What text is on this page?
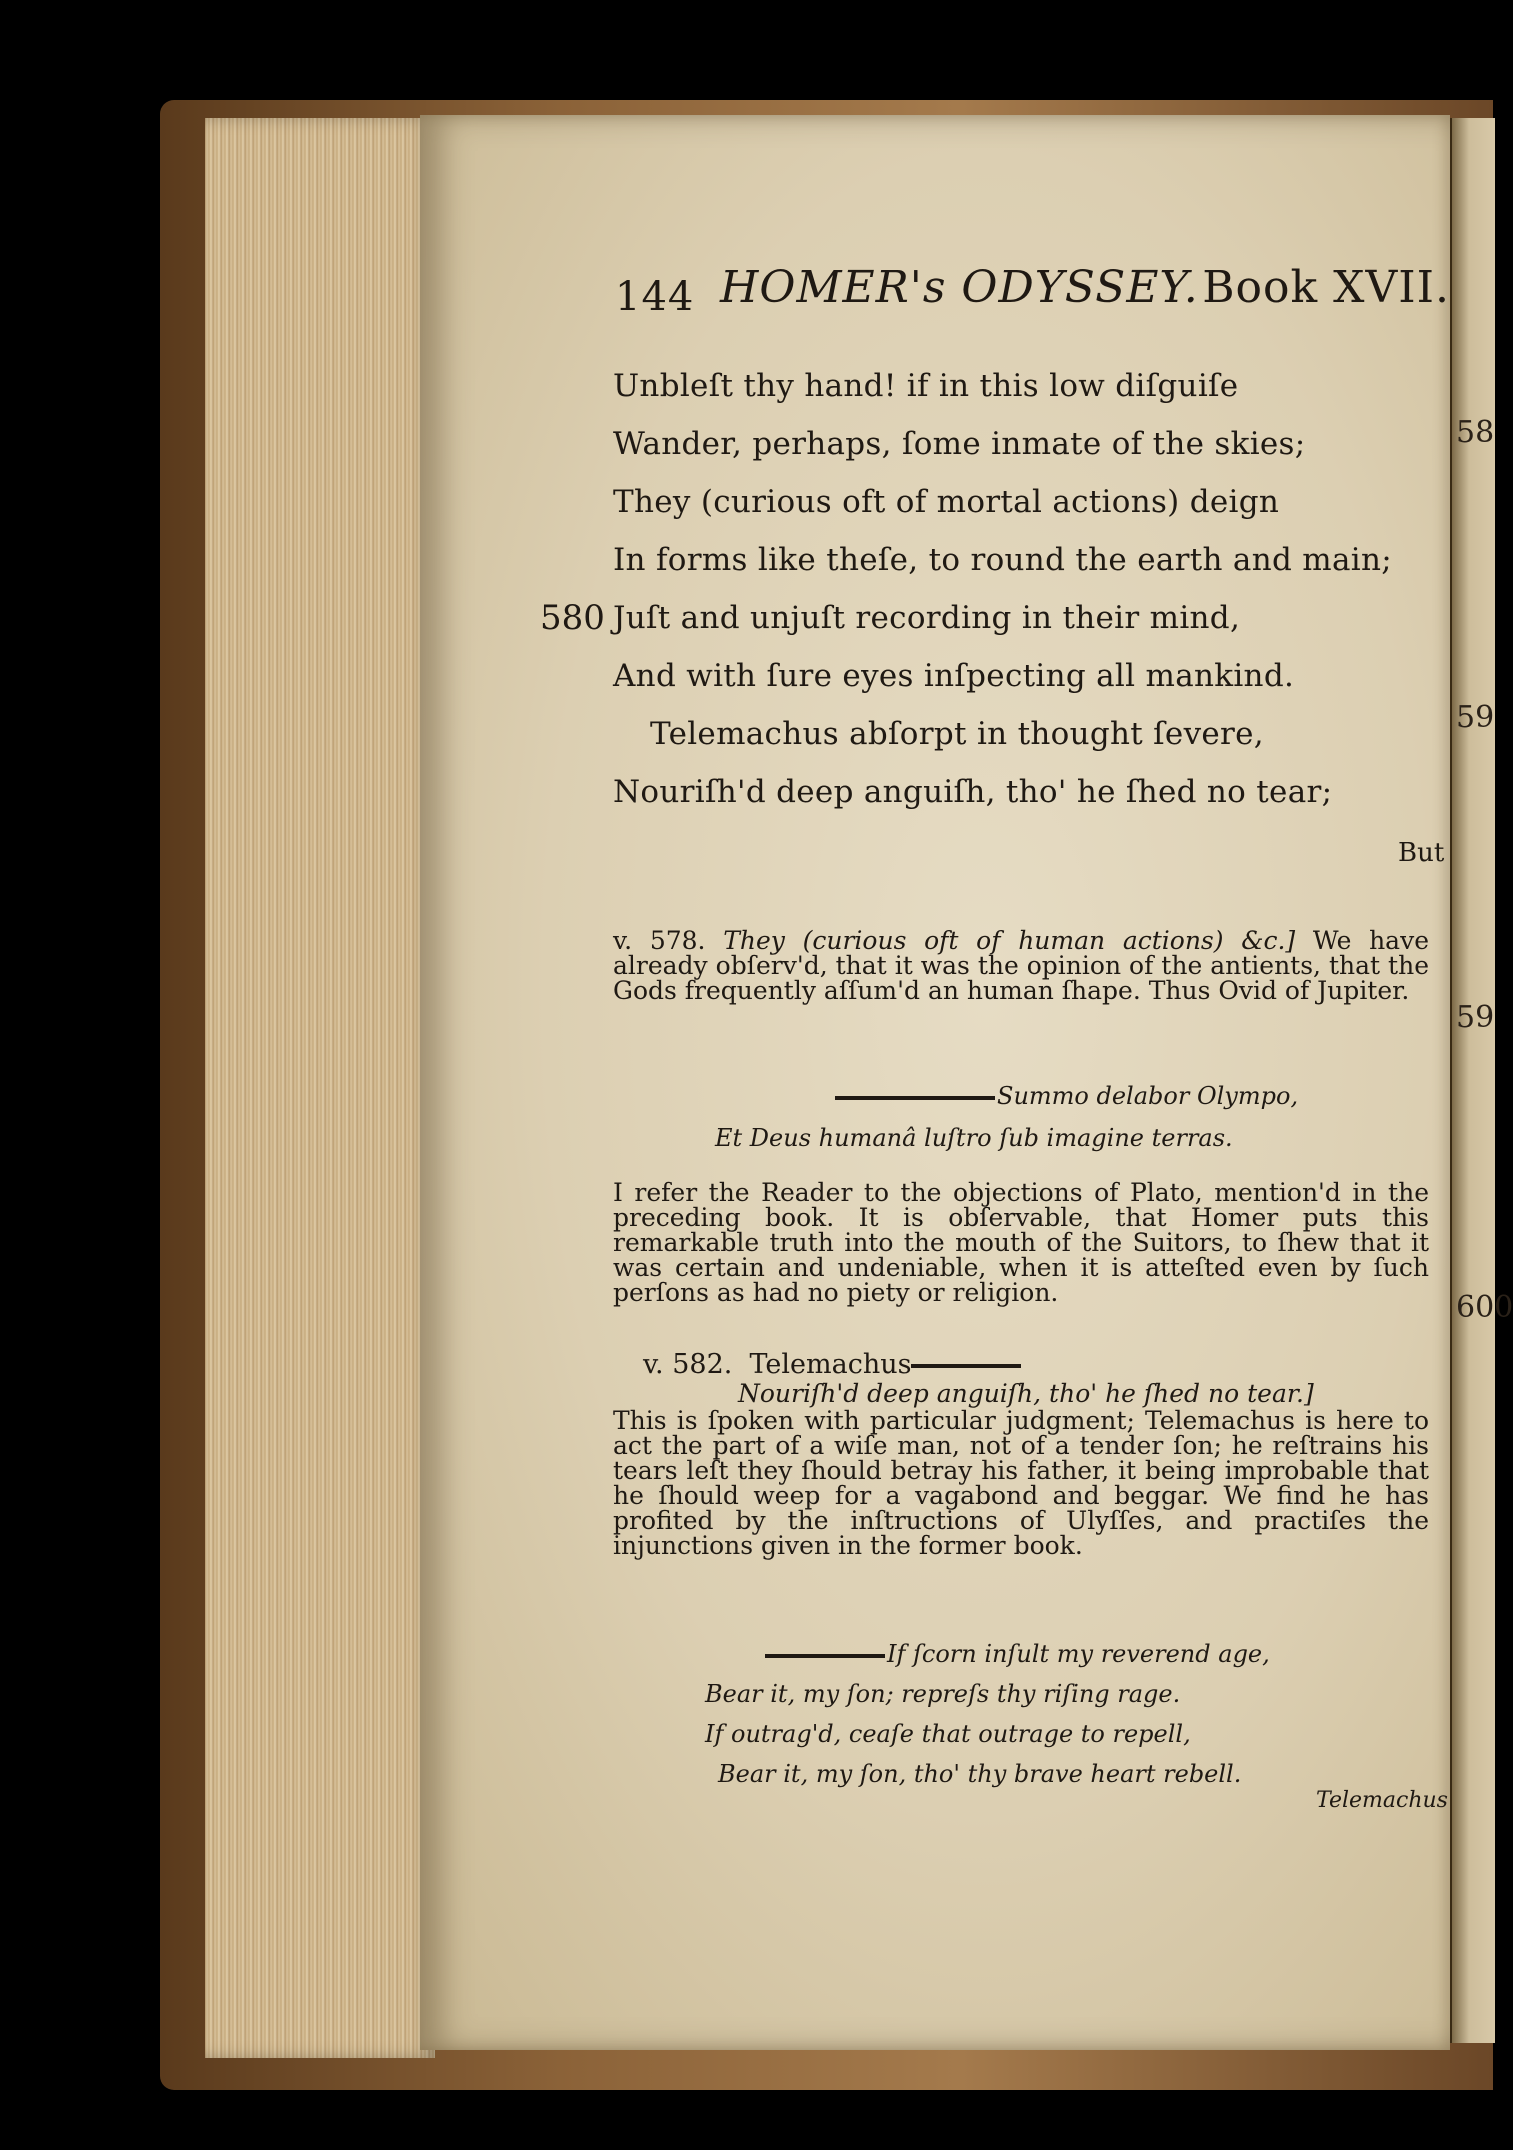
58
59
59
600
144 HOMER's ODYSSEY. Book XVII.
Unbleſt thy hand! if in this low diſguiſe
Wander, perhaps, ſome inmate of the skies;
They (curious oft of mortal actions) deign
In forms like theſe, to round the earth and main;
580 Juſt and unjuſt recording in their mind,
And with ſure eyes inſpecting all mankind.
Telemachus abſorpt in thought ſevere,
Nouriſh'd deep anguiſh, tho' he ſhed no tear;
But

v. 578. They (curious oft of human actions) &c.] We have already obſerv'd, that it was the opinion of the antients, that the Gods frequently aſſum'd an human ſhape. Thus Ovid of Jupiter.

Summo delabor Olympo,
Et Deus humanâ luſtro ſub imagine terras.

I refer the Reader to the objections of Plato, mention'd in the preceding book. It is obſervable, that Homer puts this remarkable truth into the mouth of the Suitors, to ſhew that it was certain and undeniable, when it is atteſted even by ſuch perſons as had no piety or religion.

v. 582. Telemachus

Nouriſh'd deep anguiſh, tho' he ſhed no tear.]

This is ſpoken with particular judgment; Telemachus is here to act the part of a wiſe man, not of a tender ſon; he reſtrains his tears leſt they ſhould betray his father, it being improbable that he ſhould weep for a vagabond and beggar. We find he has profited by the inſtructions of Ulyſſes, and practiſes the injunctions given in the former book.

If ſcorn inſult my reverend age,
Bear it, my ſon; repreſs thy riſing rage.
If outrag'd, ceaſe that outrage to repell,
Bear it, my ſon, tho' thy brave heart rebell.
Telemachus
